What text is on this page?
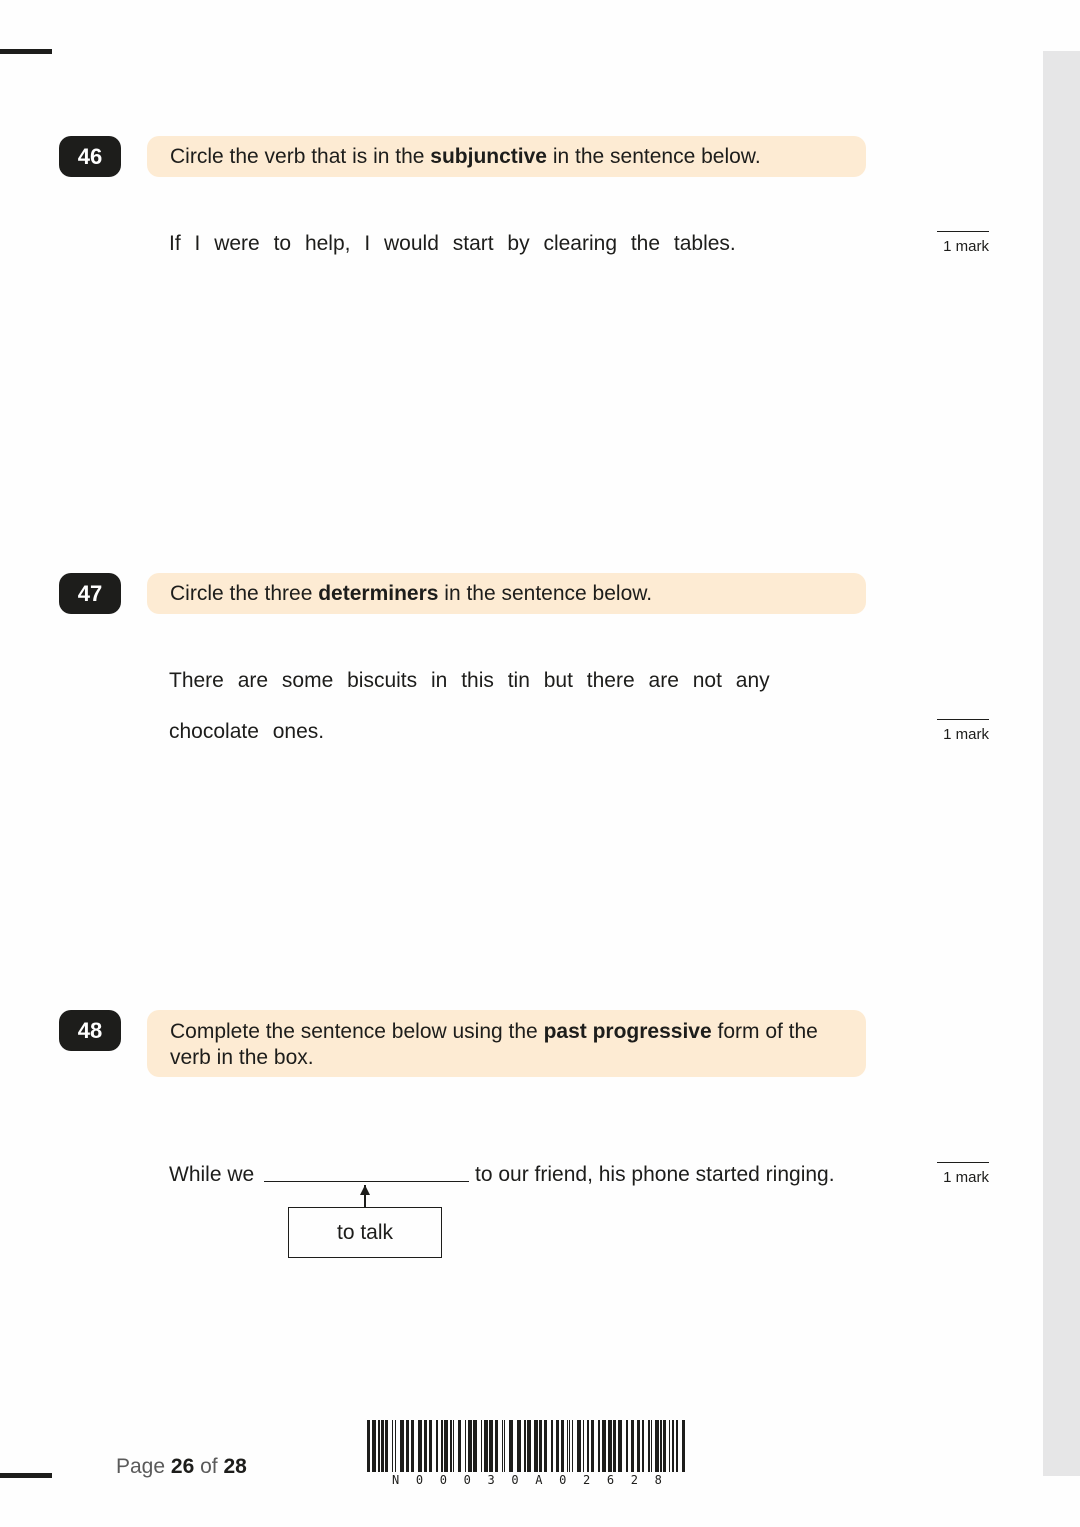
46	Circle the verb that is in the subjunctive in the sentence below.
If I were to help, I would start by clearing the tables.	1 mark
47	Circle the three determiners in the sentence below.
There are some biscuits in this tin but there are not any
chocolate ones.	1 mark
48	Complete the sentence below using the past progressive form of the verb in the box.
While we	to our friend, his phone started ringing.
to talk
1 mark
Page 26 of 28
N 0 0 0 3 0 A 0 2 6 2 8
